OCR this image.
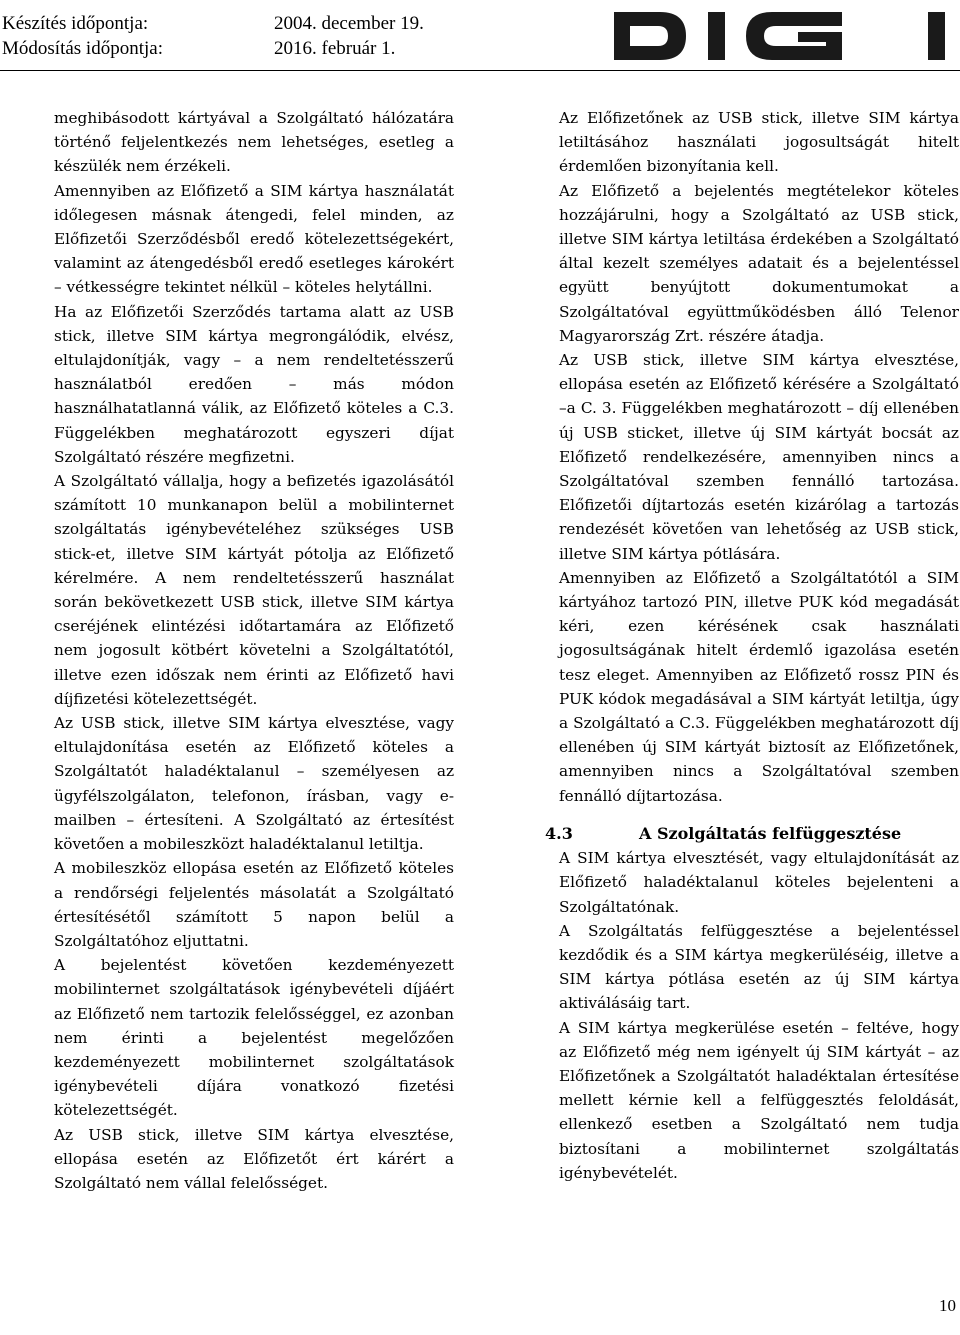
Készítés időpontja:	2004. december 19.
Módosítás időpontja:	2016. február 1.

meghibásodott kártyával a Szolgáltató hálózatára történő feljelentkezés nem lehetséges, esetleg a készülék nem érzékeli.

Amennyiben az Előfizető a SIM kártya használatát időlegesen másnak átengedi, felel minden, az Előfizetői Szerződésből eredő kötelezettségekért, valamint az átengedésből eredő esetleges károkért – vétkességre tekintet nélkül – köteles helytállni.

Ha az Előfizetői Szerződés tartama alatt az USB stick, illetve SIM kártya megrongálódik, elvész, eltulajdonítják, vagy – a nem rendeltetésszerű használatból eredően – más módon használhatatlanná válik, az Előfizető köteles a C.3. Függelékben meghatározott egyszeri díjat Szolgáltató részére megfizetni.

A Szolgáltató vállalja, hogy a befizetés igazolásától számított 10 munkanapon belül a mobilinternet szolgáltatás igénybevételéhez szükséges USB stick-et, illetve SIM kártyát pótolja az Előfizető kérelmére. A nem rendeltetésszerű használat során bekövetkezett USB stick, illetve SIM kártya cseréjének elintézési időtartamára az Előfizető nem jogosult kötbért követelni a Szolgáltatótól, illetve ezen időszak nem érinti az Előfizető havi díjfizetési kötelezettségét.

Az USB stick, illetve SIM kártya elvesztése, vagy eltulajdonítása esetén az Előfizető köteles a Szolgáltatót haladéktalanul – személyesen az ügyfélszolgálaton, telefonon, írásban, vagy e-mailben – értesíteni. A Szolgáltató az értesítést követően a mobileszközt haladéktalanul letiltja.

A mobileszköz ellopása esetén az Előfizető köteles a rendőrségi feljelentés másolatát a Szolgáltató értesítésétől számított 5 napon belül a Szolgáltatóhoz eljuttatni.

A bejelentést követően kezdeményezett mobilinternet szolgáltatások igénybevételi díjáért az Előfizető nem tartozik felelősséggel, ez azonban nem érinti a bejelentést megelőzően kezdeményezett mobilinternet szolgáltatások igénybevételi díjára vonatkozó fizetési kötelezettségét.

Az USB stick, illetve SIM kártya elvesztése, ellopása esetén az Előfizetőt ért kárért a Szolgáltató nem vállal felelősséget.

Az Előfizetőnek az USB stick, illetve SIM kártya letiltásához használati jogosultságát hitelt érdemlően bizonyítania kell.

Az Előfizető a bejelentés megtételekor köteles hozzájárulni, hogy a Szolgáltató az USB stick, illetve SIM kártya letiltása érdekében a Szolgáltató által kezelt személyes adatait és a bejelentéssel együtt benyújtott dokumentumokat a Szolgáltatóval együttműködésben álló Telenor Magyarország Zrt. részére átadja.

Az USB stick, illetve SIM kártya elvesztése, ellopása esetén az Előfizető kérésére a Szolgáltató –a C. 3. Függelékben meghatározott – díj ellenében új USB sticket, illetve új SIM kártyát bocsát az Előfizető rendelkezésére, amennyiben nincs a Szolgáltatóval szemben fennálló tartozása. Előfizetői díjtartozás esetén kizárólag a tartozás rendezését követően van lehetőség az USB stick, illetve SIM kártya pótlására.

Amennyiben az Előfizető a Szolgáltatótól a SIM kártyához tartozó PIN, illetve PUK kód megadását kéri, ezen kérésének csak használati jogosultságának hitelt érdemlő igazolása esetén tesz eleget. Amennyiben az Előfizető rossz PIN és PUK kódok megadásával a SIM kártyát letiltja, úgy a Szolgáltató a C.3. Függelékben meghatározott díj ellenében új SIM kártyát biztosít az Előfizetőnek, amennyiben nincs a Szolgáltatóval szemben fennálló díjtartozása.

4.3	A Szolgáltatás felfüggesztése

A SIM kártya elvesztését, vagy eltulajdonítását az Előfizető haladéktalanul köteles bejelenteni a Szolgáltatónak.

A Szolgáltatás felfüggesztése a bejelentéssel kezdődik és a SIM kártya megkerüléséig, illetve a SIM kártya pótlása esetén az új SIM kártya aktiválásáig tart.

A SIM kártya megkerülése esetén – feltéve, hogy az Előfizető még nem igényelt új SIM kártyát – az Előfizetőnek a Szolgáltatót haladéktalan értesítése mellett kérnie kell a felfüggesztés feloldását, ellenkező esetben a Szolgáltató nem tudja biztosítani a mobilinternet szolgáltatás igénybevételét.

10
